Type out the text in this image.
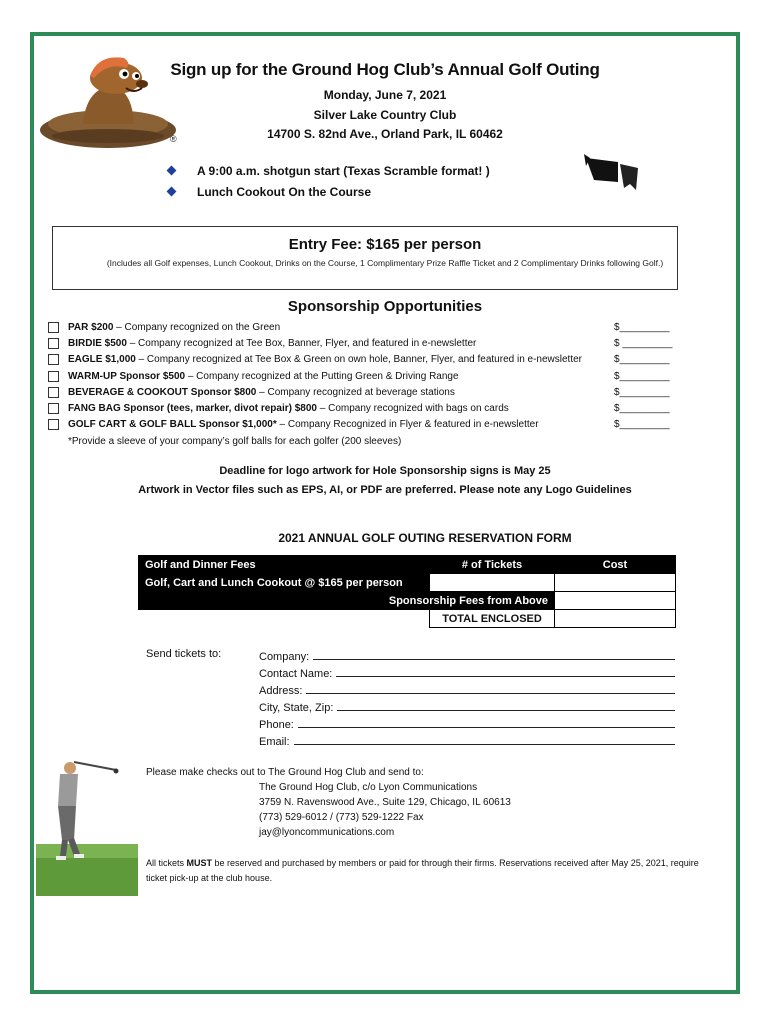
®
Sign up for the Ground Hog Club’s Annual Golf Outing
Monday, June 7, 2021
Silver Lake Country Club
14700 S. 82nd Ave., Orland Park, IL 60462
A 9:00 a.m. shotgun start (Texas Scramble format! )
Lunch Cookout On the Course
Entry Fee: $165 per person
(Includes all Golf expenses, Lunch Cookout, Drinks on the Course, 1 Complimentary Prize Raffle Ticket and 2 Complimentary Drinks following Golf.)
Sponsorship Opportunities
PAR $200 – Company recognized on the Green	$_________
BIRDIE $500 – Company recognized at Tee Box, Banner, Flyer, and featured in e-newsletter	$ _________
EAGLE $1,000 – Company recognized at Tee Box & Green on own hole, Banner, Flyer, and featured in e-newsletter	$_________
WARM-UP Sponsor $500 – Company recognized at the Putting Green & Driving Range	$_________
BEVERAGE & COOKOUT Sponsor $800 – Company recognized at beverage stations	$_________
FANG BAG Sponsor (tees, marker, divot repair) $800 – Company recognized with bags on cards	$_________
GOLF CART & GOLF BALL Sponsor $1,000* – Company Recognized in Flyer & featured in e-newsletter	$_________
*Provide a sleeve of your company’s golf balls for each golfer (200 sleeves)
Deadline for logo artwork for Hole Sponsorship signs is May 25
Artwork in Vector files such as EPS, AI, or PDF are preferred. Please note any Logo Guidelines
2021 ANNUAL GOLF OUTING RESERVATION FORM
Golf and Dinner Fees	# of Tickets	Cost
Golf, Cart and Lunch Cookout @ $165 per person		
Sponsorship Fees from Above		
	TOTAL ENCLOSED	
Send tickets to:	Company:
Contact Name:
Address:
City, State, Zip:
Phone:
Email:
Please make checks out to The Ground Hog Club and send to:
The Ground Hog Club, c/o Lyon Communications
3759 N. Ravenswood Ave., Suite 129, Chicago, IL 60613
(773) 529-6012 / (773) 529-1222 Fax
jay@lyoncommunications.com
All tickets MUST be reserved and purchased by members or paid for through their firms. Reservations received after May 25, 2021, require ticket pick-up at the club house.
